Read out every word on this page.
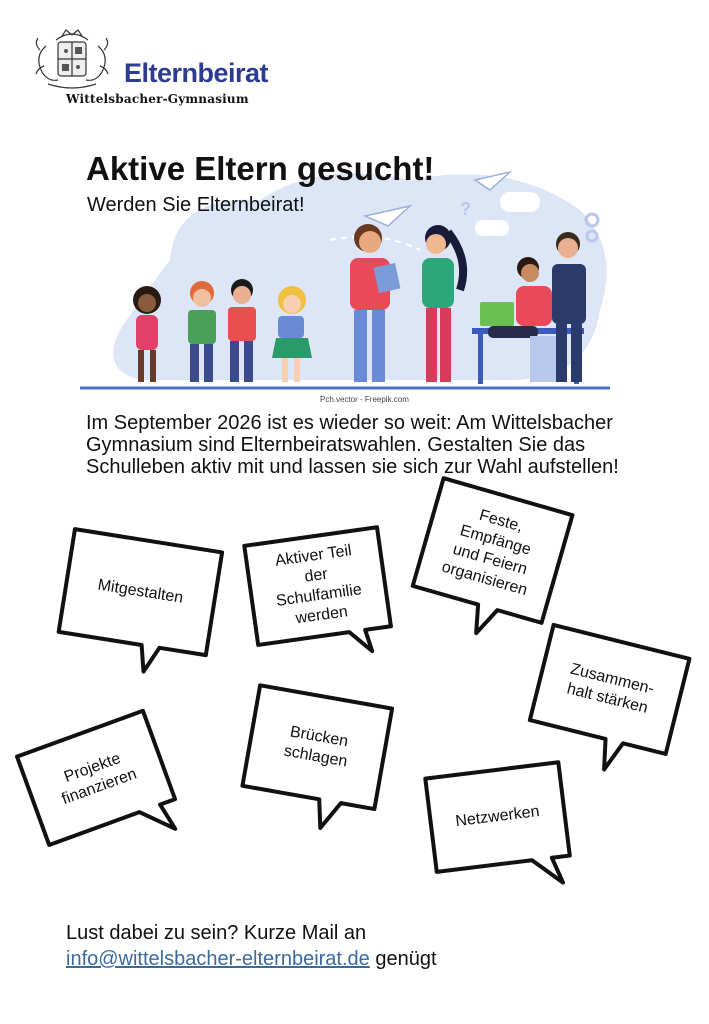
Elternbeirat
Wittelsbacher-Gymnasium
?
Aktive Eltern gesucht!
Werden Sie Elternbeirat!
Pch.vector - Freepik.com

Im September 2026 ist es wieder so weit: Am Wittelsbacher Gymnasium sind Elternbeiratswahlen. Gestalten Sie das Schulleben aktiv mit und lassen sie sich zur Wahl aufstellen!

Mitgestalten
Aktiver Teil
der
Schulfamilie
werden
Feste,
Empfänge
und Feiern
organisieren
Zusammen-
halt stärken
Projekte
finanzieren
Brücken
schlagen
Netzwerken
Lust dabei zu sein? Kurze Mail an
info@wittelsbacher-elternbeirat.de genügt
